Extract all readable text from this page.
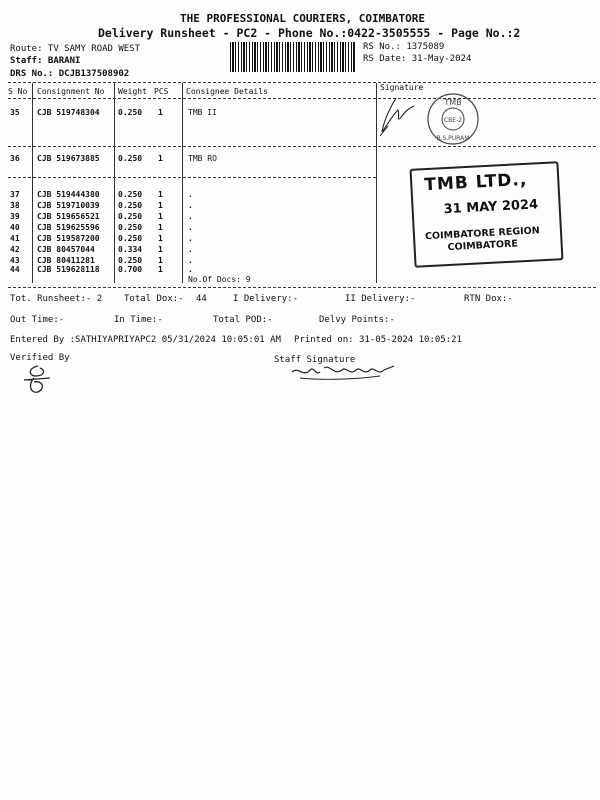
THE PROFESSIONAL COURIERS, COIMBATORE
Delivery Runsheet - PC2 - Phone No.:0422-3505555 - Page No.:2
Route: TV SAMY ROAD WEST
Staff: BARANI
DRS No.: DCJB137508902
RS No.: 1375089
RS Date: 31-May-2024
S No Consignment No Weight PCS Consignee Details	Signature
35 CJB 519748304 0.250 1	TMB II
36 CJB 519673885 0.250 1	TMB RO
37 CJB 519444380 0.250 1	.
38 CJB 519710039 0.250 1	.
39 CJB 519656521 0.250 1	.
40 CJB 519625596 0.250 1	.
41 CJB 519587200 0.250 1	.
42 CJB 80457044	0.334 1	.
43 CJB 80411281	0.250 1	.
44 CJB 519628118 0.700 1	.
No.Of Docs: 9
TMB
CBE-2
R.S.PURAM
TMB LTD.,
31 MAY 2024
COIMBATORE REGION
COIMBATORE
Tot. Runsheet:- 2 Total Dox:- 44	I Delivery:-	II Delivery:-	RTN Dox:-
Out Time:-	In Time:-	Total POD:-	Delvy Points:-
Entered By :SATHIYAPRIYAPC2 05/31/2024 10:05:01 AM Printed on: 31-05-2024 10:05:21
Verified By	Staff Signature
